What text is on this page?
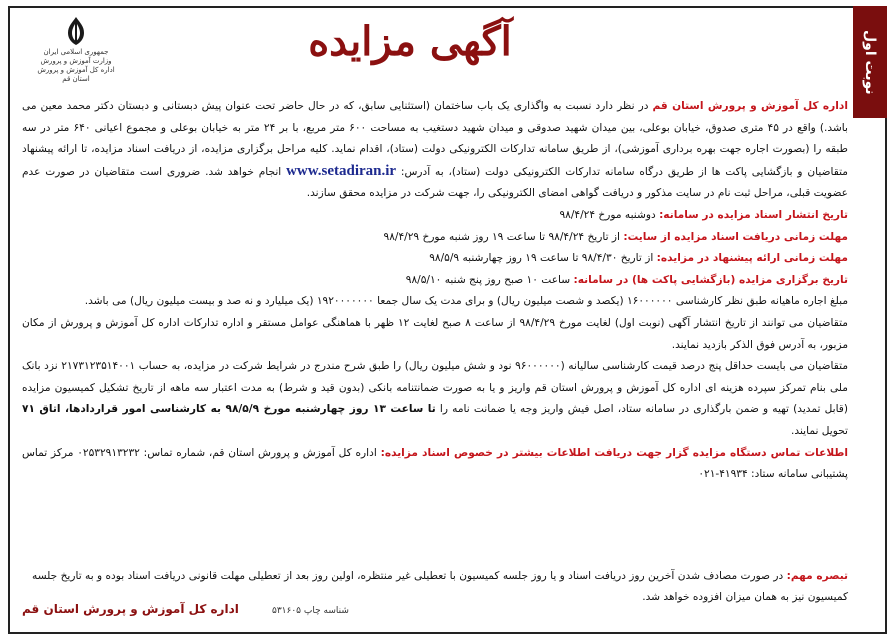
نوبت اول
آگهی مزایده
جمهوری اسلامی ایران
وزارت آموزش و پرورش
اداره کل آموزش و پرورش استان قم

اداره کل آموزش و پرورش استان قم در نظر دارد نسبت به واگذاری یک باب ساختمان (استثنایی سابق، که در حال حاضر تحت عنوان پیش دبستانی و دبستان دکتر محمد معین می باشد.) واقع در ۴۵ متری صدوق، خیابان بوعلی، بین میدان شهید صدوقی و میدان شهید دستغیب به مساحت ۶۰۰ متر مربع، با بر ۲۴ متر به خیابان بوعلی و مجموع اعیانی ۶۴۰ متر در سه طبقه را (بصورت اجاره جهت بهره برداری آموزشی)، از طریق سامانه تدارکات الکترونیکی دولت (ستاد)، اقدام نماید. کلیه مراحل برگزاری مزایده، از دریافت اسناد مزایده، تا ارائه پیشنهاد متقاضیان و بازگشایی پاکت ها از طریق درگاه سامانه تدارکات الکترونیکی دولت (ستاد)، به آدرس: www.setadiran.ir انجام خواهد شد. ضروری است متقاضیان در صورت عدم عضویت قبلی، مراحل ثبت نام در سایت مذکور و دریافت گواهی امضای الکترونیکی را، جهت شرکت در مزایده محقق سازند.

تاریخ انتشار اسناد مزایده در سامانه: دوشنبه مورخ ۹۸/۴/۲۴

مهلت زمانی دریافت اسناد مزایده از سایت: از تاریخ ۹۸/۴/۲۴ تا ساعت ۱۹ روز شنبه مورخ ۹۸/۴/۲۹

مهلت زمانی ارائه پیشنهاد در مزایده: از تاریخ ۹۸/۴/۳۰ تا ساعت ۱۹ روز چهارشنبه ۹۸/۵/۹

تاریخ برگزاری مزایده (بازگشایی پاکت ها) در سامانه: ساعت ۱۰ صبح روز پنج شنبه ۹۸/۵/۱۰

مبلغ اجاره ماهیانه طبق نظر کارشناسی ۱۶۰۰۰۰۰۰ (یکصد و شصت میلیون ریال) و برای مدت یک سال جمعا ۱۹۲۰۰۰۰۰۰۰ (یک میلیارد و نه صد و بیست میلیون ریال) می باشد.

متقاضیان می توانند از تاریخ انتشار آگهی (نوبت اول) لغایت مورخ ۹۸/۴/۲۹ از ساعت ۸ صبح لغایت ۱۲ ظهر با هماهنگی عوامل مستقر و اداره تدارکات اداره کل آموزش و پرورش از مکان مزبور، به آدرس فوق الذکر بازدید نمایند.

متقاضیان می بایست حداقل پنج درصد قیمت کارشناسی سالیانه (۹۶۰۰۰۰۰۰ نود و شش میلیون ریال) را طبق شرح مندرج در شرایط شرکت در مزایده، به حساب ۲۱۷۳۱۲۳۵۱۴۰۰۱ نزد بانک ملی بنام تمرکز سپرده هزینه ای اداره کل آموزش و پرورش استان قم واریز و یا به صورت ضمانتنامه بانکی (بدون قید و شرط) به مدت اعتبار سه ماهه از تاریخ تشکیل کمیسیون مزایده (قابل تمدید) تهیه و ضمن بارگذاری در سامانه ستاد، اصل فیش واریز وجه یا ضمانت نامه را تا ساعت ۱۳ روز چهارشنبه مورخ ۹۸/۵/۹ به کارشناسی امور قراردادها، اتاق ۷۱ تحویل نمایند.

اطلاعات تماس دستگاه مزایده گزار جهت دریافت اطلاعات بیشتر در خصوص اسناد مزایده: اداره کل آموزش و پرورش استان قم، شماره تماس: ۰۲۵۳۲۹۱۳۲۳۲ مرکز تماس پشتیبانی سامانه ستاد: ۴۱۹۳۴-۰۲۱

تبصره مهم: در صورت مصادف شدن آخرین روز دریافت اسناد و یا روز جلسه کمیسیون با تعطیلی غیر منتظره، اولین روز بعد از تعطیلی مهلت قانونی دریافت اسناد بوده و به تاریخ جلسه کمیسیون نیز به همان میزان افزوده خواهد شد.
شناسه چاپ ۵۳۱۶۰۵
اداره کل آموزش و پرورش استان قم
